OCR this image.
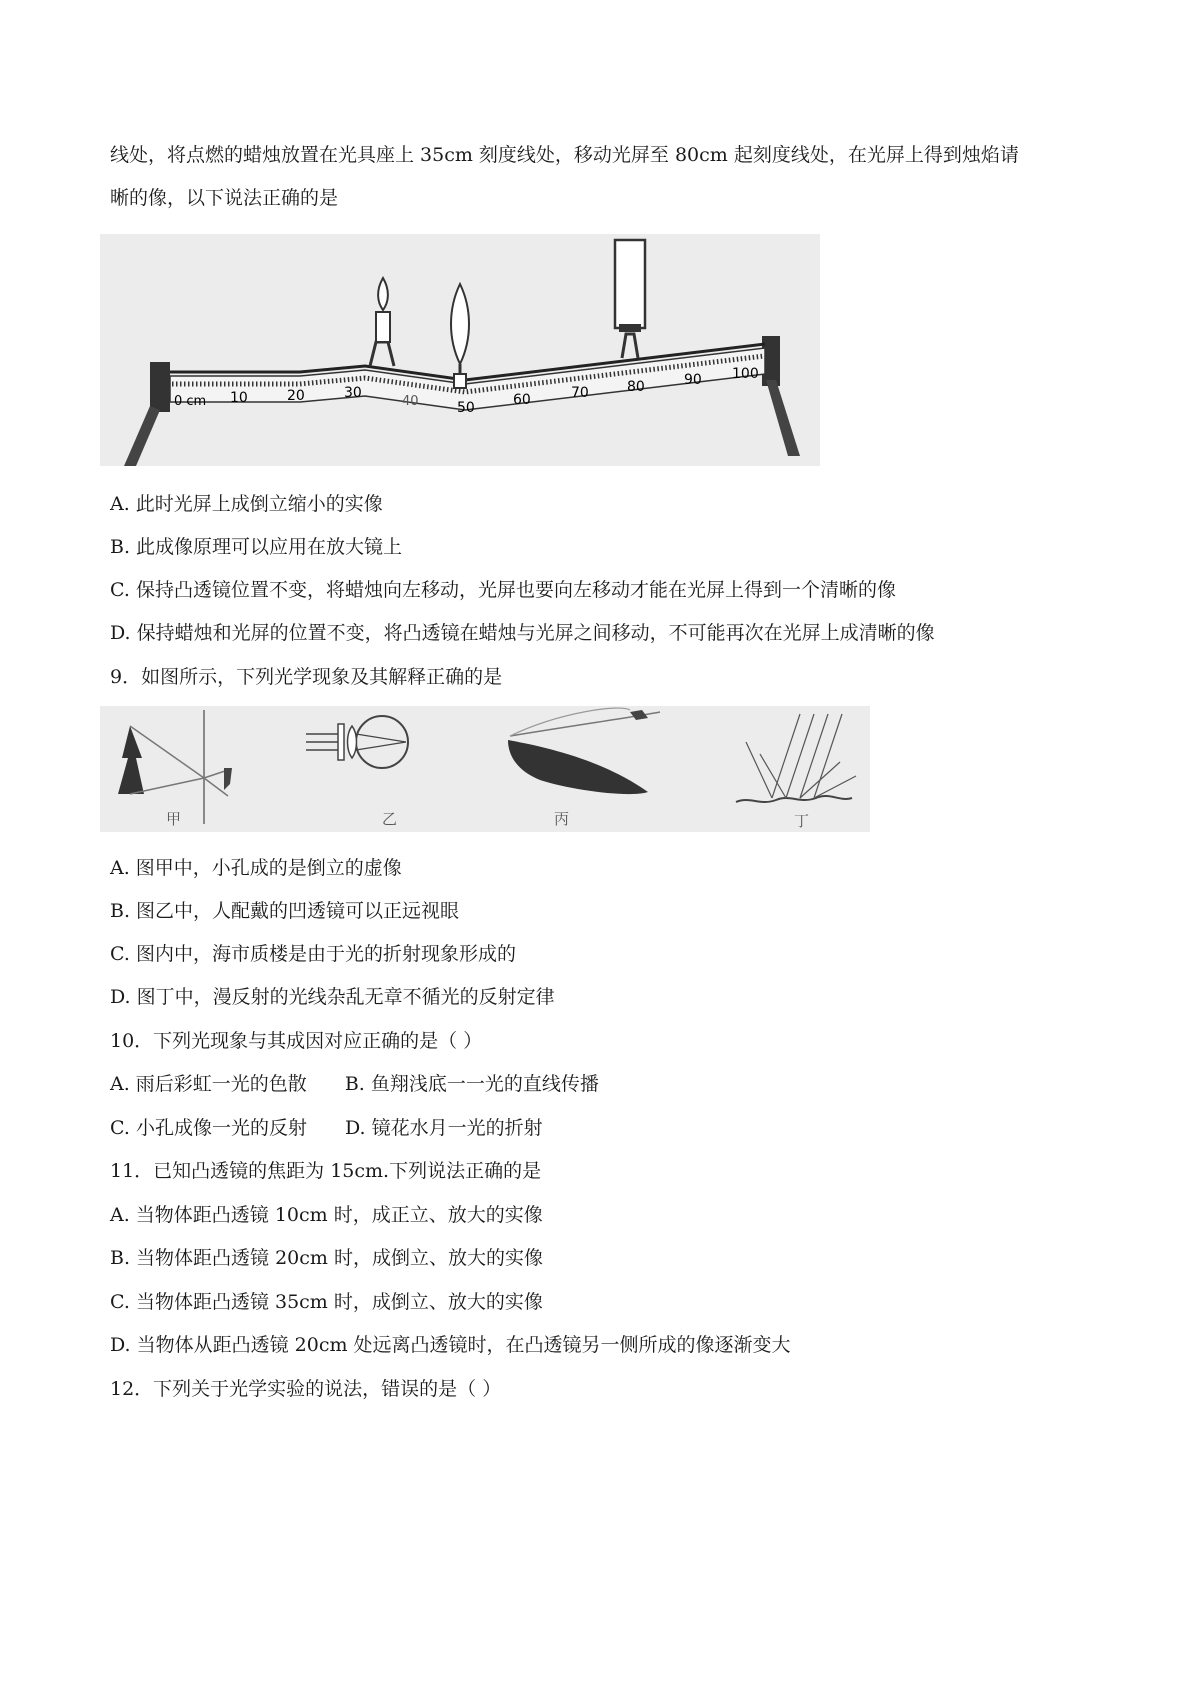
线处，将点燃的蜡烛放置在光具座上 35cm 刻度线处，移动光屏至 80cm 起刻度线处，在光屏上得到烛焰请
晰的像，以下说法正确的是
0 cm 10	20	30
40	50	60	70	80	90 100
A. 此时光屏上成倒立缩小的实像
B. 此成像原理可以应用在放大镜上
C. 保持凸透镜位置不变，将蜡烛向左移动，光屏也要向左移动才能在光屏上得到一个清晰的像
D. 保持蜡烛和光屏的位置不变，将凸透镜在蜡烛与光屏之间移动，不可能再次在光屏上成清晰的像
9．如图所示，下列光学现象及其解释正确的是
甲	乙	丙	丁
A. 图甲中，小孔成的是倒立的虚像
B. 图乙中，人配戴的凹透镜可以正远视眼
C. 图内中，海市质楼是由于光的折射现象形成的
D. 图丁中，漫反射的光线杂乱无章不循光的反射定律
10．下列光现象与其成因对应正确的是（ ）
A. 雨后彩虹一光的色散 B. 鱼翔浅底一一光的直线传播
C. 小孔成像一光的反射 D. 镜花水月一光的折射
11．已知凸透镜的焦距为 15cm.下列说法正确的是
A. 当物体距凸透镜 10cm 时，成正立、放大的实像
B. 当物体距凸透镜 20cm 时，成倒立、放大的实像
C. 当物体距凸透镜 35cm 时，成倒立、放大的实像
D. 当物体从距凸透镜 20cm 处远离凸透镜时，在凸透镜另一侧所成的像逐渐变大
12．下列关于光学实验的说法，错误的是（ ）
